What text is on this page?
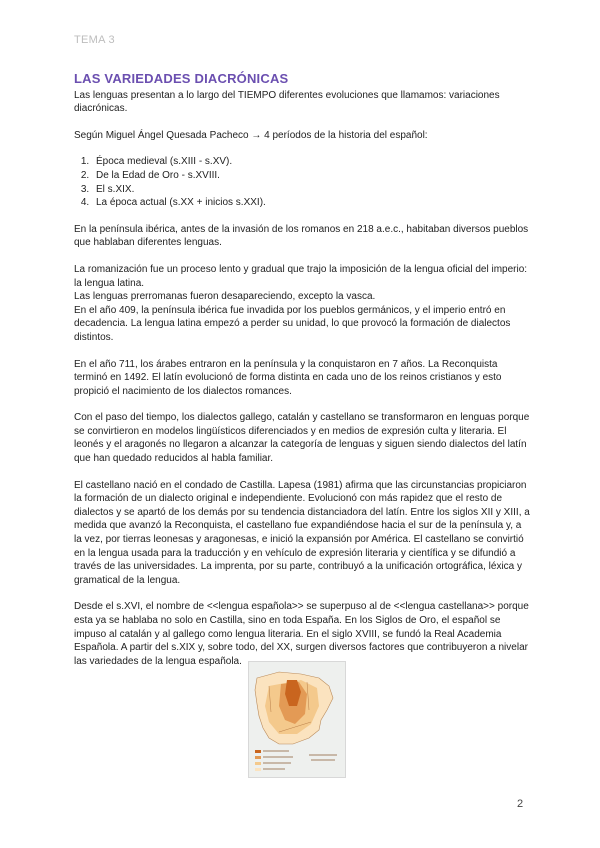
TEMA 3
LAS VARIEDADES DIACRÓNICAS

Las lenguas presentan a lo largo del TIEMPO diferentes evoluciones que llamamos: variaciones diacrónicas.

Según Miguel Ángel Quesada Pacheco → 4 períodos de la historia del español:

1. Época medieval (s.XIII - s.XV).
2. De la Edad de Oro - s.XVIII.
3. El s.XIX.
4. La época actual (s.XX + inicios s.XXI).

En la península ibérica, antes de la invasión de los romanos en 218 a.e.c., habitaban diversos pueblos que hablaban diferentes lenguas.

La romanización fue un proceso lento y gradual que trajo la imposición de la lengua oficial del imperio: la lengua latina.

Las lenguas prerromanas fueron desapareciendo, excepto la vasca.

En el año 409, la península ibérica fue invadida por los pueblos germánicos, y el imperio entró en decadencia. La lengua latina empezó a perder su unidad, lo que provocó la formación de dialectos distintos.

En el año 711, los árabes entraron en la península y la conquistaron en 7 años. La Reconquista terminó en 1492. El latín evolucionó de forma distinta en cada uno de los reinos cristianos y esto propició el nacimiento de los dialectos romances.

Con el paso del tiempo, los dialectos gallego, catalán y castellano se transformaron en lenguas porque se convirtieron en modelos lingüísticos diferenciados y en medios de expresión culta y literaria. El leonés y el aragonés no llegaron a alcanzar la categoría de lenguas y siguen siendo dialectos del latín que han quedado reducidos al habla familiar.

El castellano nació en el condado de Castilla. Lapesa (1981) afirma que las circunstancias propiciaron la formación de un dialecto original e independiente. Evolucionó con más rapidez que el resto de dialectos y se apartó de los demás por su tendencia distanciadora del latín. Entre los siglos XII y XIII, a medida que avanzó la Reconquista, el castellano fue expandiéndose hacia el sur de la península y, a la vez, por tierras leonesas y aragonesas, e inició la expansión por América. El castellano se convirtió en la lengua usada para la traducción y en vehículo de expresión literaria y científica y se difundió a través de las universidades. La imprenta, por su parte, contribuyó a la unificación ortográfica, léxica y gramatical de la lengua.

Desde el s.XVI, el nombre de <<lengua española>> se superpuso al de <<lengua castellana>> porque esta ya se hablaba no solo en Castilla, sino en toda España. En los Siglos de Oro, el español se impuso al catalán y al gallego como lengua literaria. En el siglo XVIII, se fundó la Real Academia Española. A partir del s.XIX y, sobre todo, del XX, surgen diversos factores que contribuyeron a nivelar las variedades de la lengua española.

2
